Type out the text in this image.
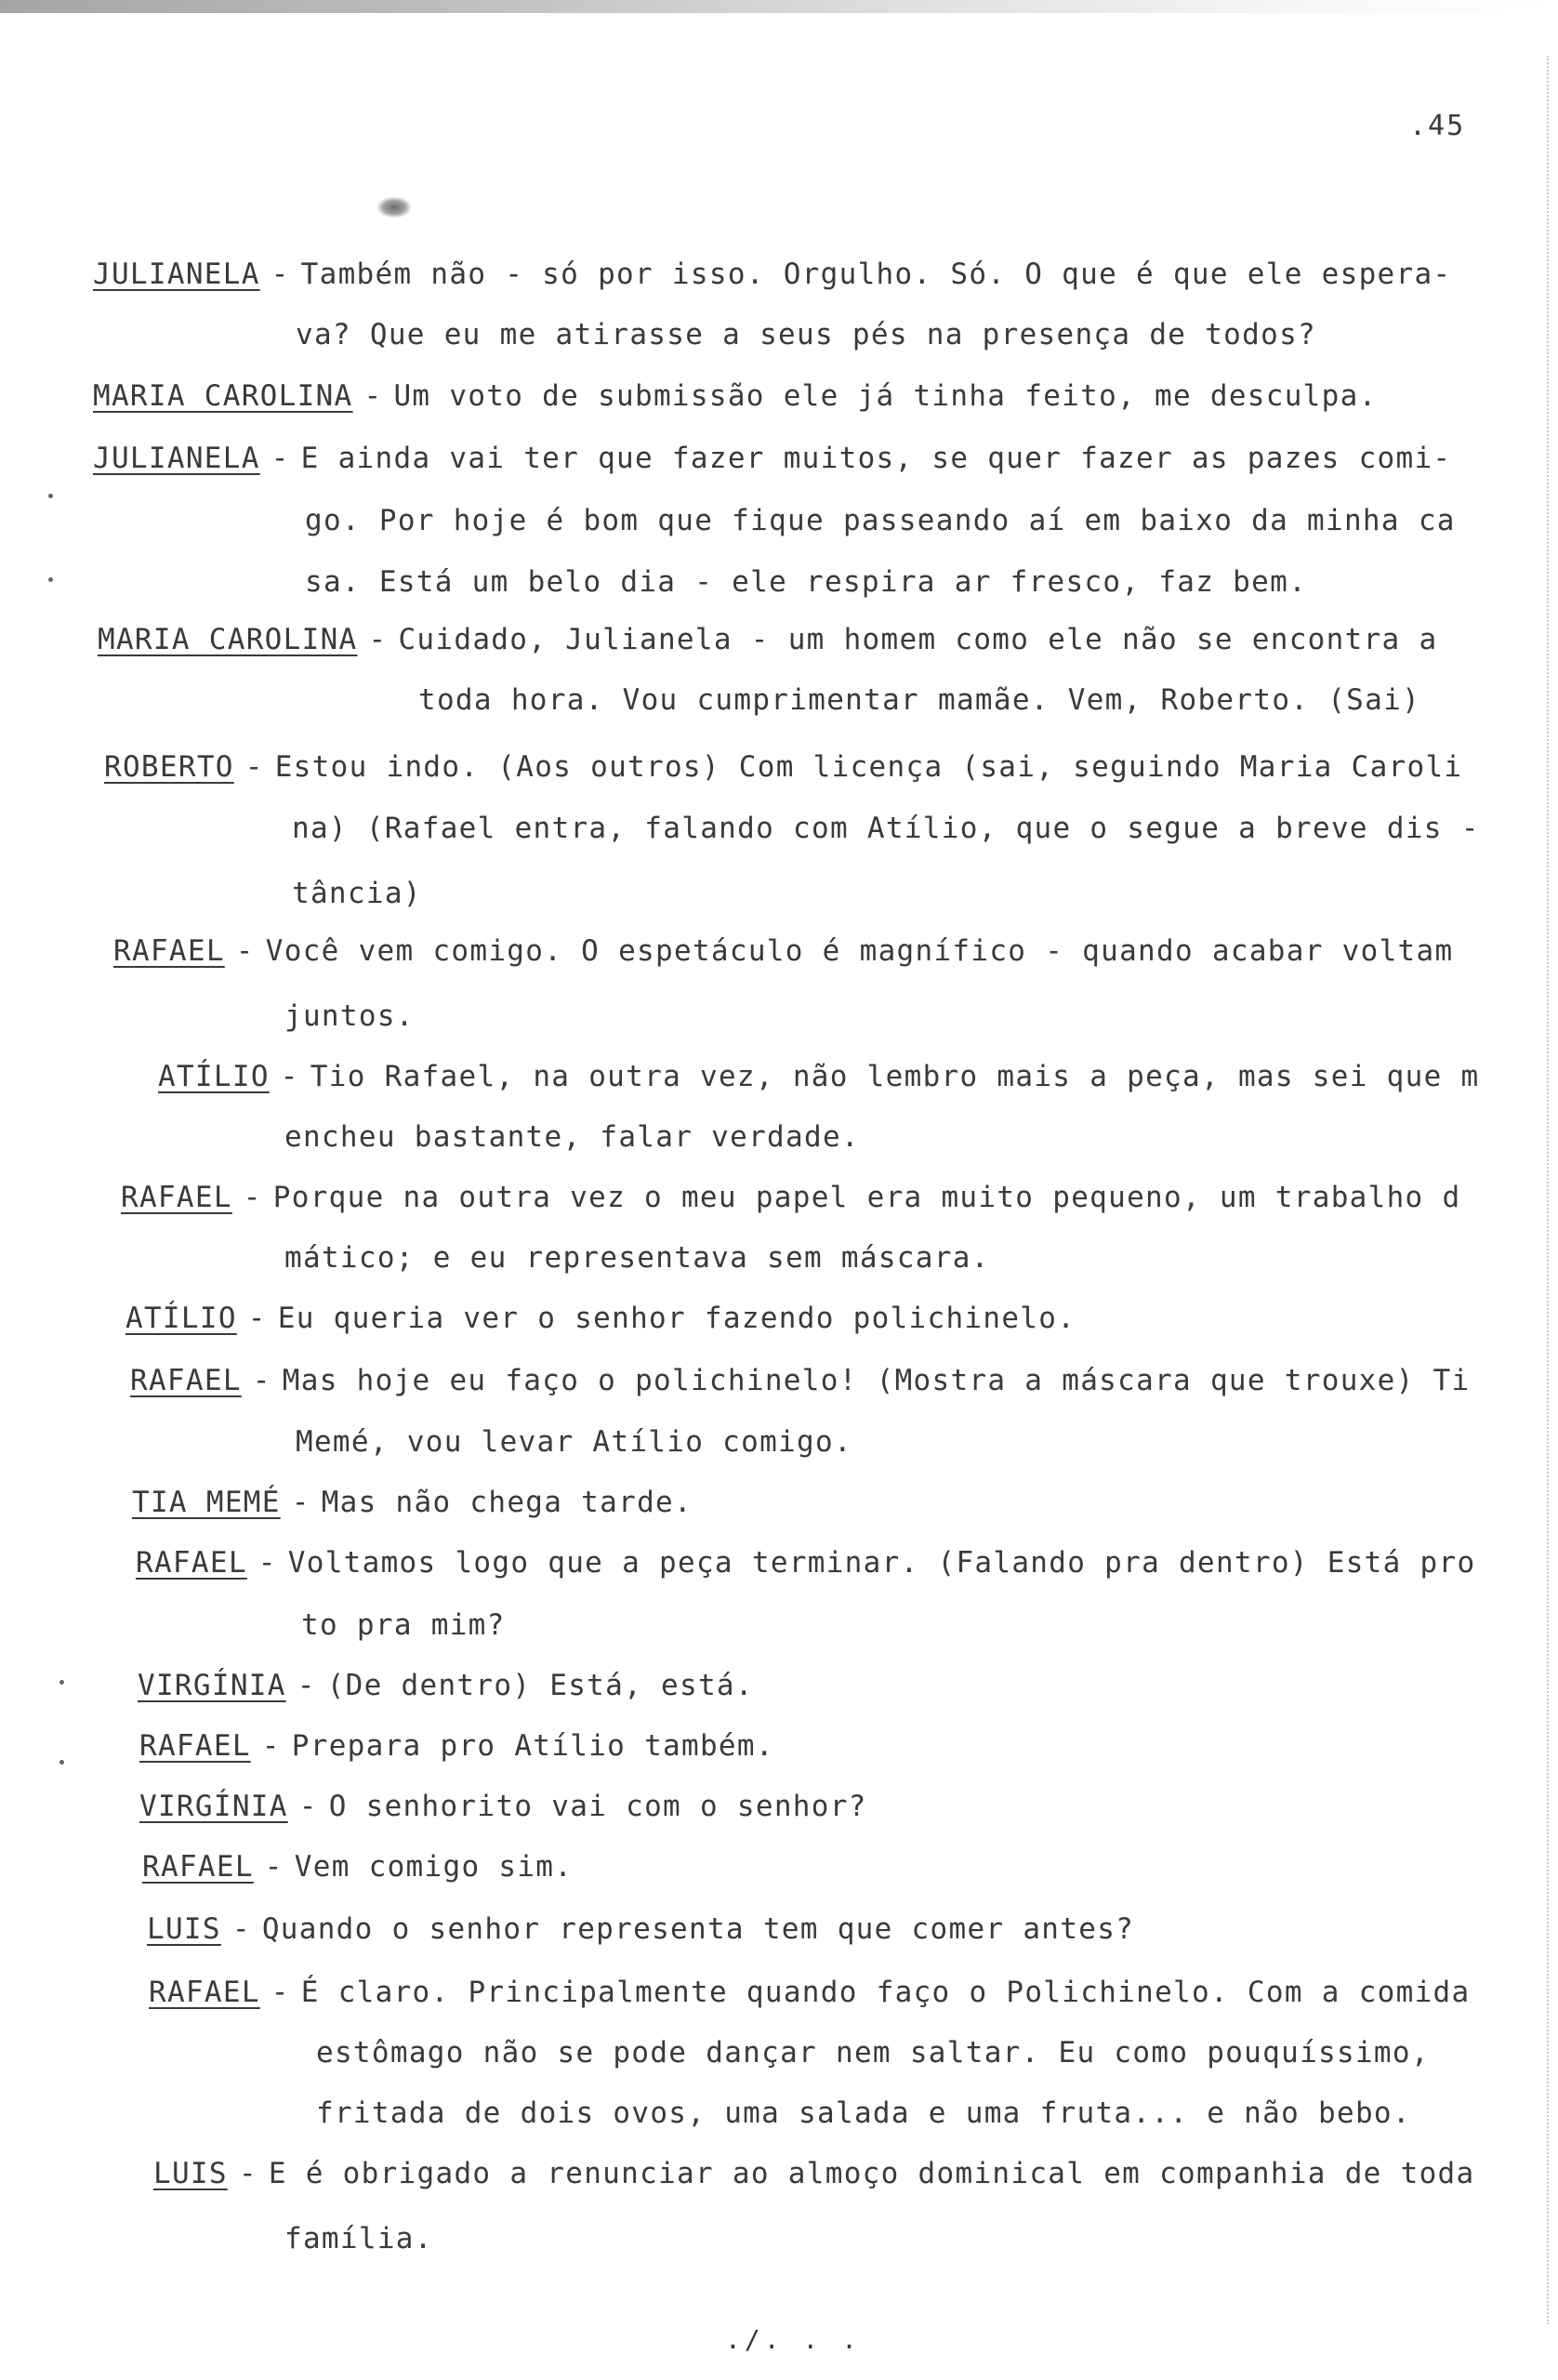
.45
JULIANELA - Também não - só por isso. Orgulho. Só. O que é que ele espera-
va? Que eu me atirasse a seus pés na presença de todos?
MARIA CAROLINA - Um voto de submissão ele já tinha feito, me desculpa.
JULIANELA - E ainda vai ter que fazer muitos, se quer fazer as pazes comi-
go. Por hoje é bom que fique passeando aí em baixo da minha ca
sa. Está um belo dia - ele respira ar fresco, faz bem.
MARIA CAROLINA - Cuidado, Julianela - um homem como ele não se encontra a
toda hora. Vou cumprimentar mamãe. Vem, Roberto. (Sai)
ROBERTO - Estou indo. (Aos outros) Com licença (sai, seguindo Maria Caroli
na) (Rafael entra, falando com Atílio, que o segue a breve dis -
tância)
RAFAEL - Você vem comigo. O espetáculo é magnífico - quando acabar voltam
juntos.
ATÍLIO - Tio Rafael, na outra vez, não lembro mais a peça, mas sei que m
encheu bastante, falar verdade.
RAFAEL - Porque na outra vez o meu papel era muito pequeno, um trabalho d
mático; e eu representava sem máscara.
ATÍLIO - Eu queria ver o senhor fazendo polichinelo.
RAFAEL - Mas hoje eu faço o polichinelo! (Mostra a máscara que trouxe) Ti
Memé, vou levar Atílio comigo.
TIA MEMÉ - Mas não chega tarde.
RAFAEL - Voltamos logo que a peça terminar. (Falando pra dentro) Está pro
to pra mim?
VIRGÍNIA - (De dentro) Está, está.
RAFAEL - Prepara pro Atílio também.
VIRGÍNIA - O senhorito vai com o senhor?
RAFAEL - Vem comigo sim.
LUIS - Quando o senhor representa tem que comer antes?
RAFAEL - É claro. Principalmente quando faço o Polichinelo. Com a comida
estômago não se pode dançar nem saltar. Eu como pouquíssimo,
fritada de dois ovos, uma salada e uma fruta... e não bebo.
LUIS - E é obrigado a renunciar ao almoço dominical em companhia de toda
família.
./. . .
